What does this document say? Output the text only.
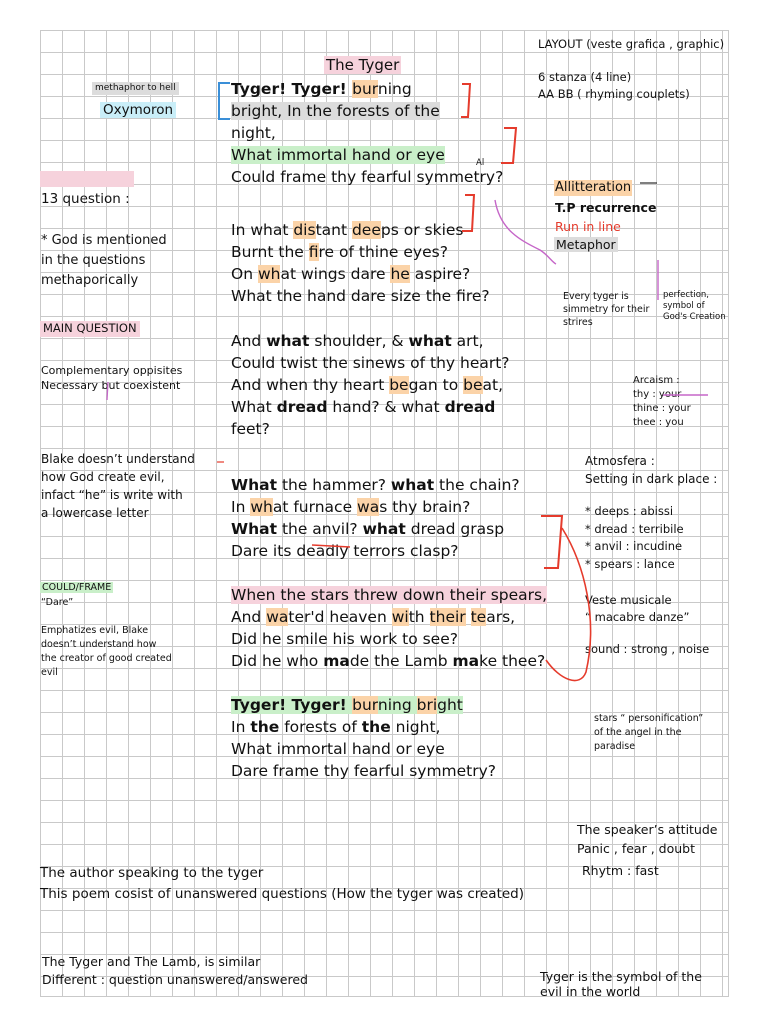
The Tyger
LAYOUT (veste grafica , graphic)
6 stanza (4 line)
AA BB ( rhyming couplets)
methaphor to hell
Oxymoron
Tyger! Tyger! burning
bright, In the forests of the
night,
What immortal hand or eye
Could frame thy fearful symmetry?
In what distant deeps or skies
Burnt the fire of thine eyes?
On what wings dare he aspire?
What the hand dare size the fire?
And what shoulder, & what art,
Could twist the sinews of thy heart?
And when thy heart began to beat,
What dread hand? & what dread
feet?
What the hammer? what the chain?
In what furnace was thy brain?
What the anvil? what dread grasp
Dare its deadly terrors clasp?
When the stars threw down their spears,
And water'd heaven with their tears,
Did he smile his work to see?
Did he who made the Lamb make thee?
Tyger! Tyger! burning bright
In the forests of the night,
What immortal hand or eye
Dare frame thy fearful symmetry?
13 question :
* God is mentioned
in the questions
methaporically
MAIN QUESTION
Complementary oppisites
Necessary but coexistent
Blake doesn’t understand
how God create evil,
infact “he” is write with
a lowercase letter
COULD/FRAME
“Dare”
Emphatizes evil, Blake
doesn’t understand how
the creator of good created
evil
Al
Allitteration
T.P recurrence
Run in line
Metaphor
Every tyger is
simmetry for their
strires
perfection,
symbol of
God's Creation
Arcaism :
thy : your
thine : your
thee : you
Atmosfera :
Setting in dark place :
* deeps : abissi
* dread : terribile
* anvil : incudine
* spears : lance
Veste musicale
“ macabre danze”
sound : strong , noise
stars “ personification”
of the angel in the
paradise
The speaker’s attitude
Panic , fear , doubt
Rhytm : fast
The author speaking to the tyger
This poem cosist of unanswered questions (How the tyger was created)
The Tyger and The Lamb, is similar
Different : question unanswered/answered	Tyger is the symbol of the
evil in the world
